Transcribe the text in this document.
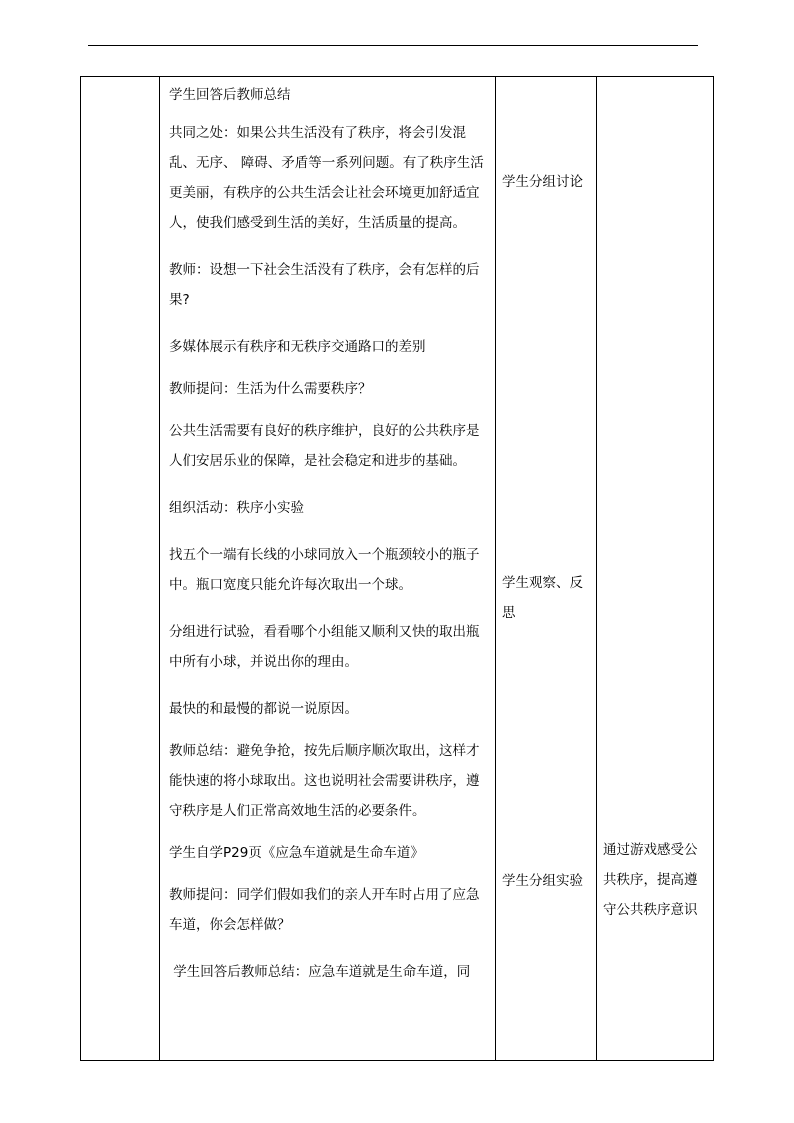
学生回答后教师总结

共同之处：如果公共生活没有了秩序，将会引发混乱、无序、 障碍、矛盾等一系列问题。有了秩序生活更美丽，有秩序的公共生活会让社会环境更加舒适宜人，使我们感受到生活的美好，生活质量的提高。

教师：设想一下社会生活没有了秩序，会有怎样的后果?

多媒体展示有秩序和无秩序交通路口的差别

教师提问：生活为什么需要秩序？

公共生活需要有良好的秩序维护，良好的公共秩序是人们安居乐业的保障，是社会稳定和进步的基础。

组织活动：秩序小实验

找五个一端有长线的小球同放入一个瓶颈较小的瓶子中。瓶口宽度只能允许每次取出一个球。

分组进行试验，看看哪个小组能又顺利又快的取出瓶中所有小球，并说出你的理由。

最快的和最慢的都说一说原因。

教师总结：避免争抢，按先后顺序顺次取出，这样才能快速的将小球取出。这也说明社会需要讲秩序，遵守秩序是人们正常高效地生活的必要条件。

学生自学P29页《应急车道就是生命车道》

教师提问：同学们假如我们的亲人开车时占用了应急车道，你会怎样做？

学生回答后教师总结：应急车道就是生命车道，同

学生分组讨论
学生观察、反思
学生分组实验
通过游戏感受公共秩序，提高遵守公共秩序意识
